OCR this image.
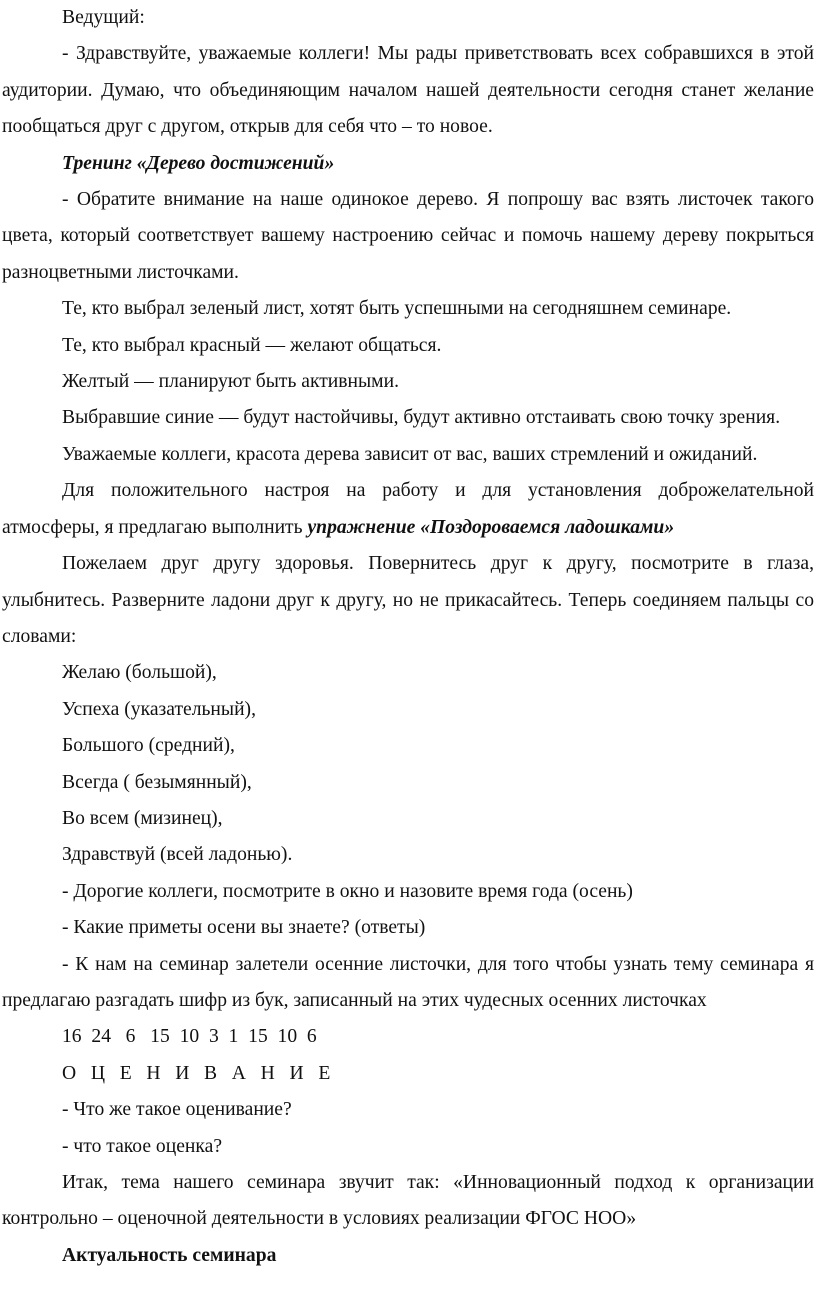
Ведущий:

- Здравствуйте, уважаемые коллеги! Мы рады приветствовать всех собравшихся в этой аудитории. Думаю, что объединяющим началом нашей деятельности сегодня станет желание пообщаться друг с другом, открыв для себя что – то новое.

Тренинг «Дерево достижений»

- Обратите внимание на наше одинокое дерево. Я попрошу вас взять листочек такого цвета, который соответствует вашему настроению сейчас и помочь нашему дереву покрыться разноцветными листочками.

Те, кто выбрал зеленый лист, хотят быть успешными на сегодняшнем семинаре.

Те, кто выбрал красный — желают общаться.

Желтый — планируют быть активными.

Выбравшие синие — будут настойчивы, будут активно отстаивать свою точку зрения.

Уважаемые коллеги, красота дерева зависит от вас, ваших стремлений и ожиданий.

Для положительного настроя на работу и для установления доброжелательной атмосферы, я предлагаю выполнить упражнение «Поздороваемся ладошками»

Пожелаем друг другу здоровья. Повернитесь друг к другу, посмотрите в глаза, улыбнитесь. Разверните ладони друг к другу, но не прикасайтесь. Теперь соединяем пальцы со словами:

Желаю (большой),

Успеха (указательный),

Большого (средний),

Всегда ( безымянный),

Во всем (мизинец),

Здравствуй (всей ладонью).

- Дорогие коллеги, посмотрите в окно и назовите время года (осень)

- Какие приметы осени вы знаете? (ответы)

- К нам на семинар залетели осенние листочки, для того чтобы узнать тему семинара я предлагаю разгадать шифр из бук, записанный на этих чудесных осенних листочках

16  24   6   15  10  3  1  15  10  6

О   Ц   Е   Н   И   В   А   Н   И   Е

- Что же такое оценивание?

- что такое оценка?

Итак, тема нашего семинара звучит так: «Инновационный подход к организации контрольно – оценочной деятельности в условиях реализации ФГОС НОО»

Актуальность семинара
